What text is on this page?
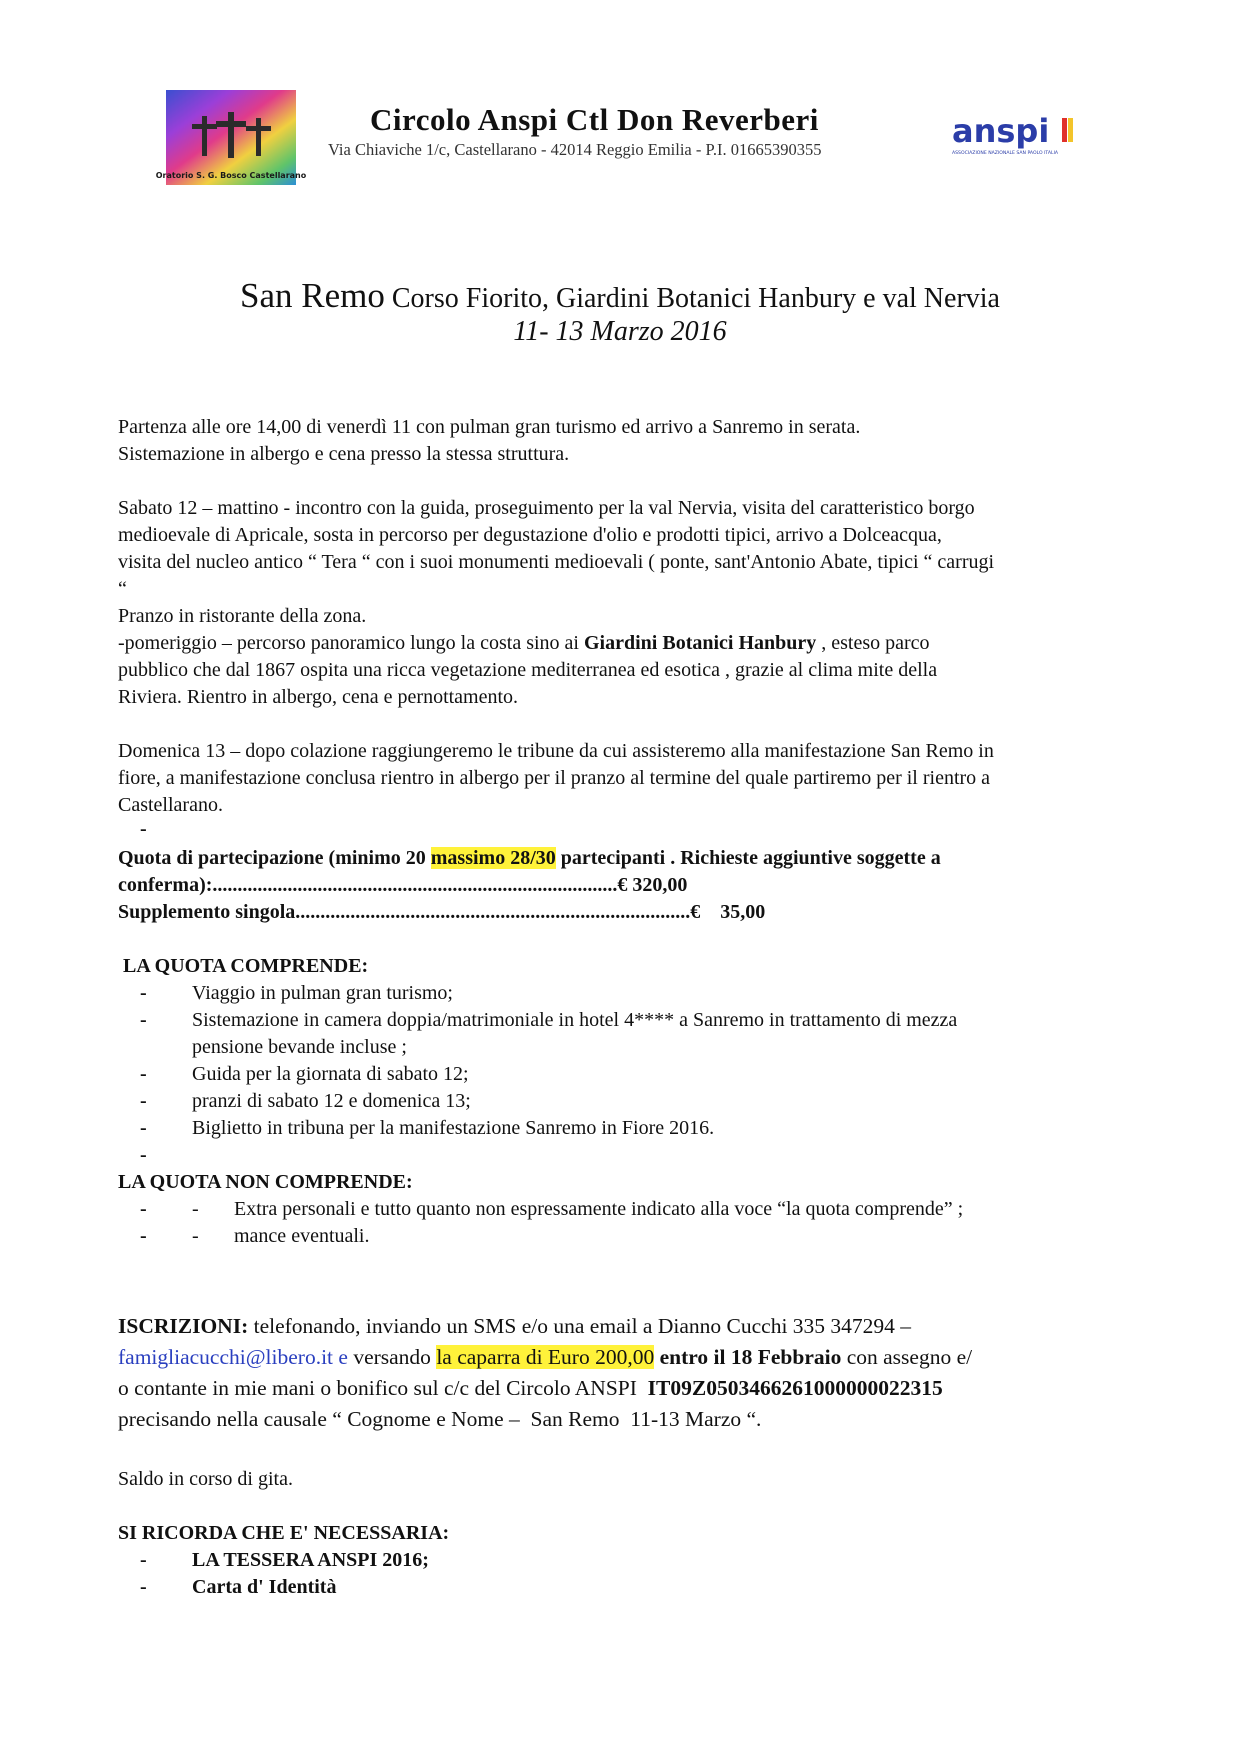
Oratorio S. G. Bosco Castellarano
Circolo Anspi Ctl Don Reverberi
Via Chiaviche 1/c, Castellarano - 42014 Reggio Emilia - P.I. 01665390355	anspi
ASSOCIAZIONE NAZIONALE SAN PAOLO ITALIA
San Remo Corso Fiorito, Giardini Botanici Hanbury e val Nervia
11- 13 Marzo 2016
Partenza alle ore 14,00 di venerdì 11 con pulman gran turismo ed arrivo a Sanremo in serata.
Sistemazione in albergo e cena presso la stessa struttura.
Sabato 12 – mattino - incontro con la guida, proseguimento per la val Nervia, visita del caratteristico borgo
medioevale di Apricale, sosta in percorso per degustazione d'olio e prodotti tipici, arrivo a Dolceacqua,
visita del nucleo antico “ Tera “ con i suoi monumenti medioevali ( ponte, sant'Antonio Abate, tipici “ carrugi
“
Pranzo in ristorante della zona.
-pomeriggio – percorso panoramico lungo la costa sino ai Giardini Botanici Hanbury , esteso parco
pubblico che dal 1867 ospita una ricca vegetazione mediterranea ed esotica , grazie al clima mite della
Riviera. Rientro in albergo, cena e pernottamento.
Domenica 13 – dopo colazione raggiungeremo le tribune da cui assisteremo alla manifestazione San Remo in
fiore, a manifestazione conclusa rientro in albergo per il pranzo al termine del quale partiremo per il rientro a
Castellarano.
-
Quota di partecipazione (minimo 20 massimo 28/30 partecipanti . Richieste aggiuntive soggette a
conferma):.................................................................................€ 320,00
Supplemento singola...............................................................................€    35,00
LA QUOTA COMPRENDE:
- Viaggio in pulman gran turismo;
- Sistemazione in camera doppia/matrimoniale in hotel 4**** a Sanremo in trattamento di mezza
pensione bevande incluse ;
- Guida per la giornata di sabato 12;
- pranzi di sabato 12 e domenica 13;
- Biglietto in tribuna per la manifestazione Sanremo in Fiore 2016.
-
LA QUOTA NON COMPRENDE:
- - Extra personali e tutto quanto non espressamente indicato alla voce “la quota comprende” ;
- - mance eventuali.
ISCRIZIONI: telefonando, inviando un SMS e/o una email a Dianno Cucchi 335 347294 –
famigliacucchi@libero.it e versando la caparra di Euro 200,00 entro il 18 Febbraio con assegno e/
o contante in mie mani o bonifico sul c/c del Circolo ANSPI  IT09Z0503466261000000022315
precisando nella causale “ Cognome e Nome –  San Remo  11-13 Marzo “.
Saldo in corso di gita.
SI RICORDA CHE E' NECESSARIA:
- LA TESSERA ANSPI 2016;
- Carta d' Identità
